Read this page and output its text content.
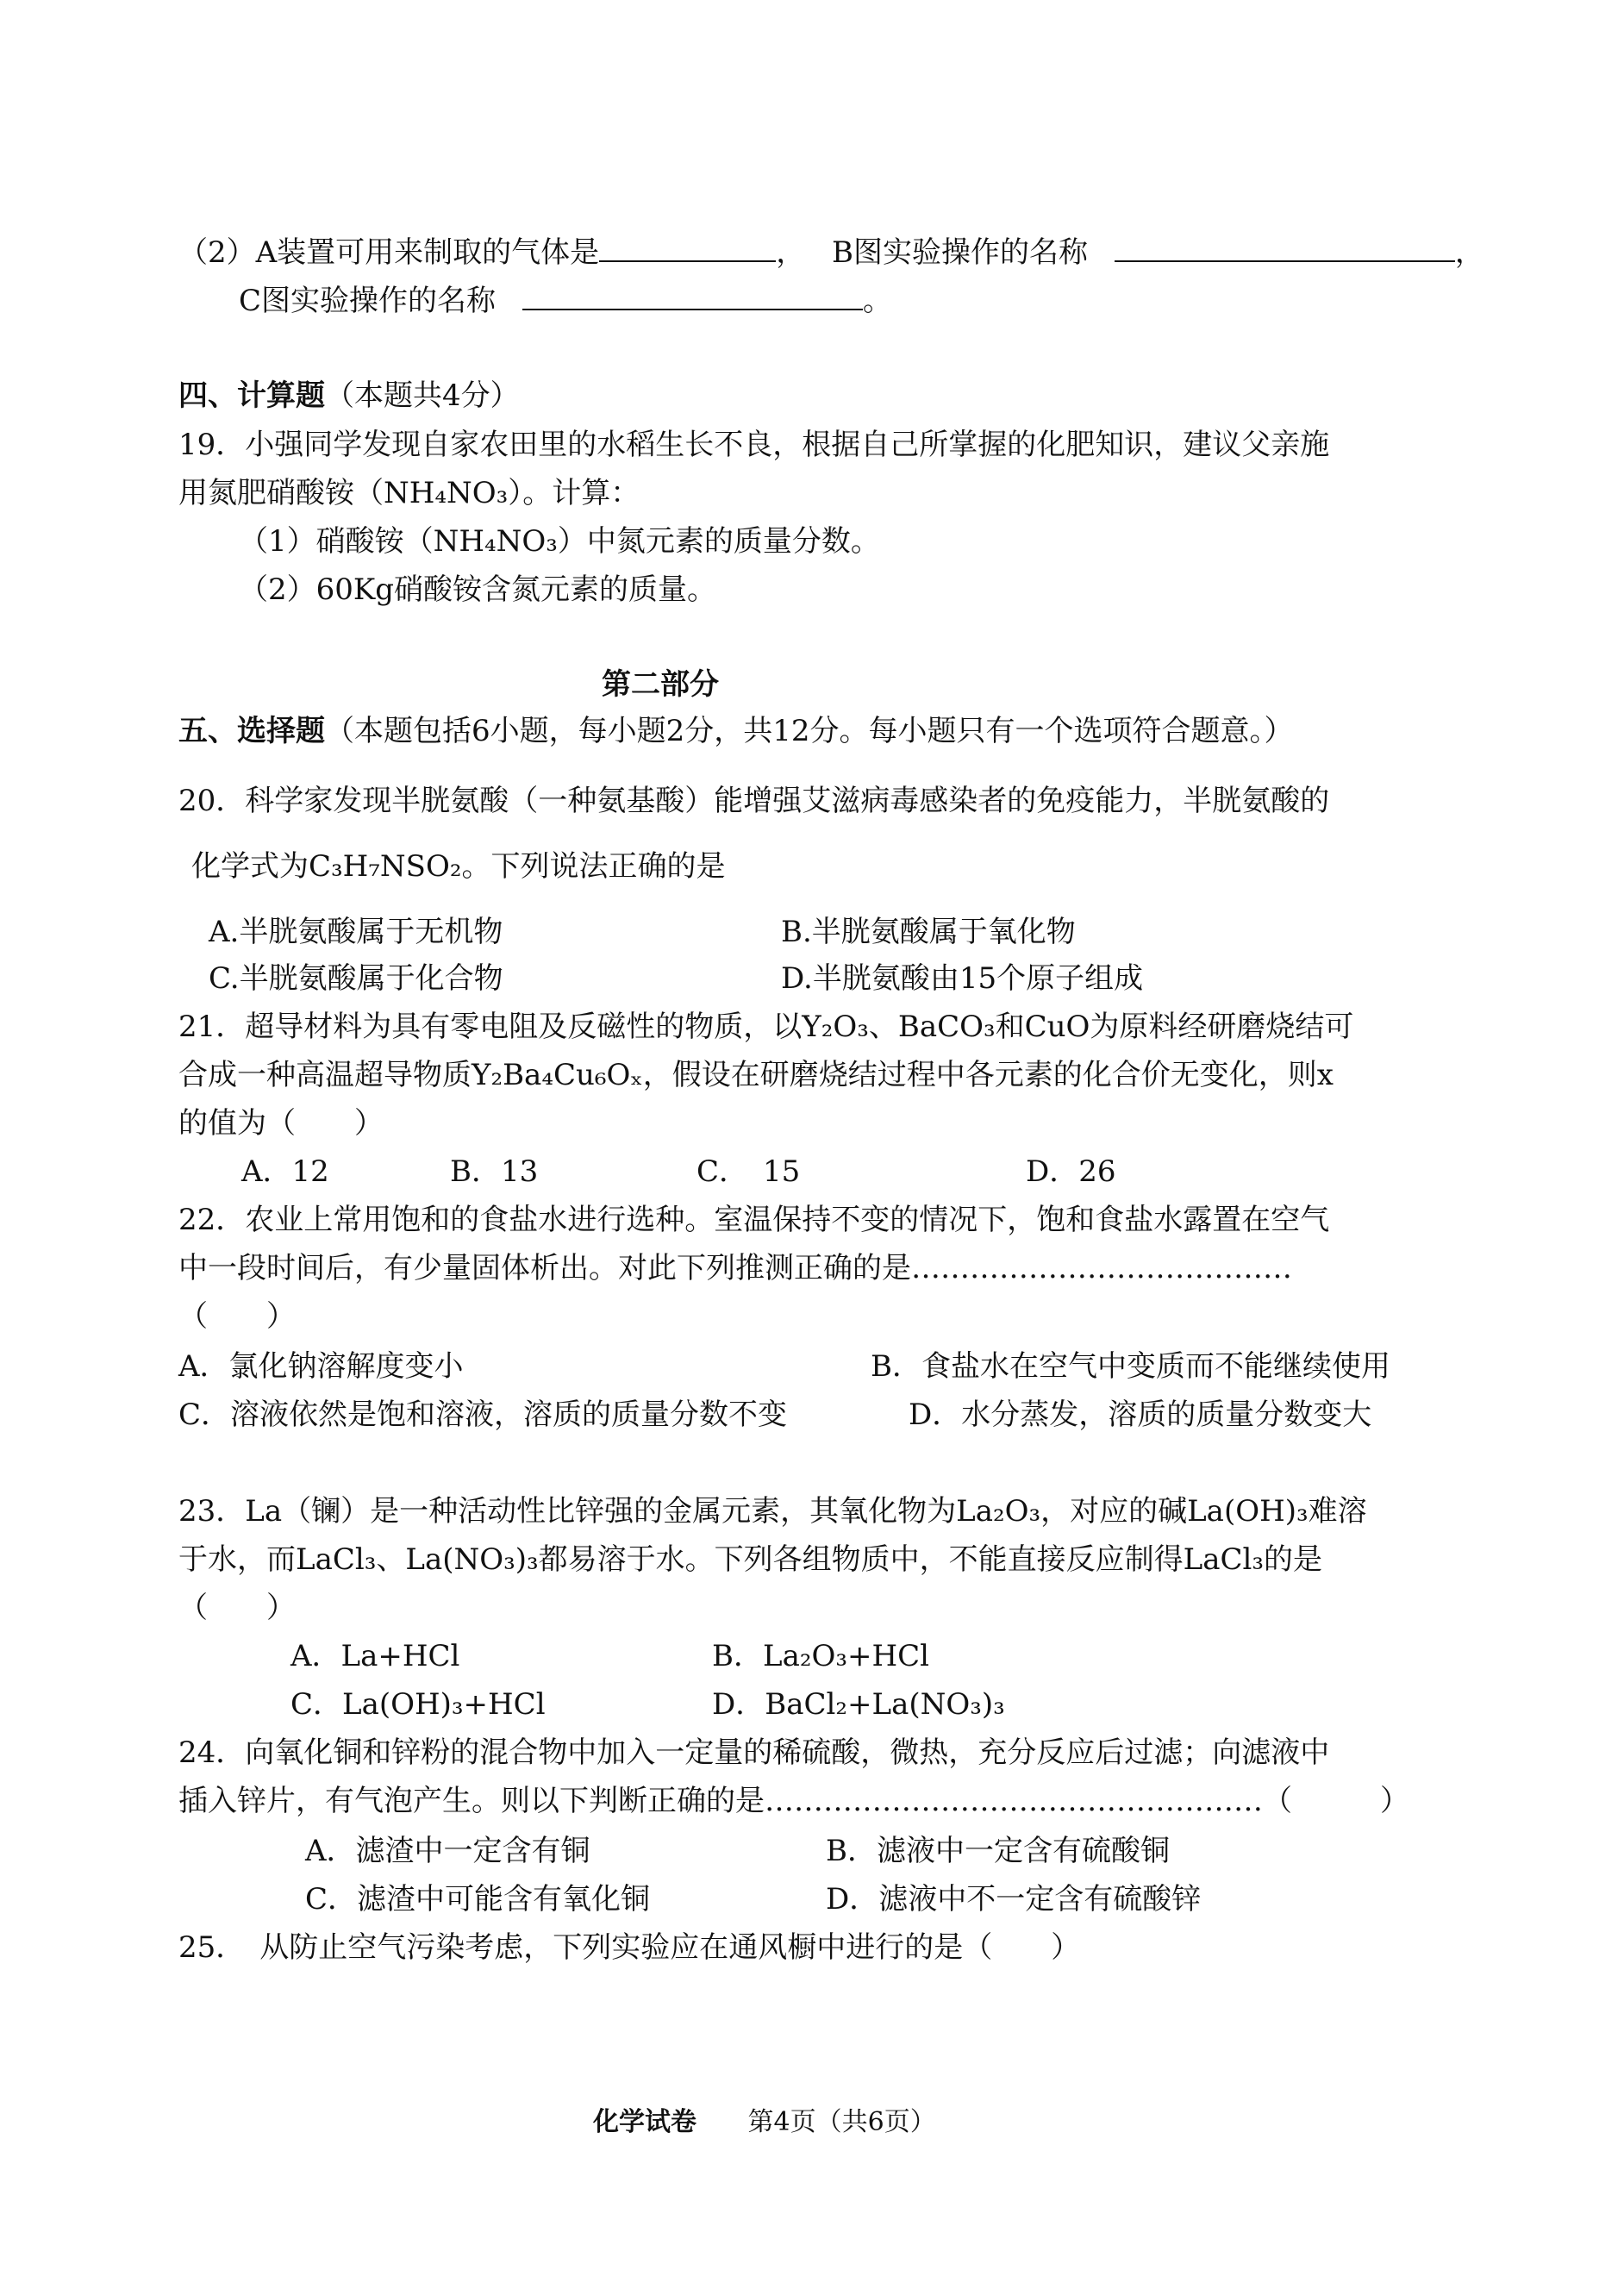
（2）A装置可用来制取的气体是	， B图实验操作的名称	，
C图实验操作的名称	。
四、计算题（本题共4分）
19．小强同学发现自家农田里的水稻生长不良，根据自己所掌握的化肥知识，建议父亲施
用氮肥硝酸铵（NH₄NO₃）。计算：
（1）硝酸铵（NH₄NO₃）中氮元素的质量分数。
（2）60Kg硝酸铵含氮元素的质量。
第二部分
五、选择题（本题包括6小题，每小题2分，共12分。每小题只有一个选项符合题意。）
20．科学家发现半胱氨酸（一种氨基酸）能增强艾滋病毒感染者的免疫能力，半胱氨酸的
化学式为C₃H₇NSO₂。下列说法正确的是
A.半胱氨酸属于无机物	B.半胱氨酸属于氧化物
C.半胱氨酸属于化合物	D.半胱氨酸由15个原子组成
21．超导材料为具有零电阻及反磁性的物质，以Y₂O₃、BaCO₃和CuO为原料经研磨烧结可
合成一种高温超导物质Y₂Ba₄Cu₆Oₓ，假设在研磨烧结过程中各元素的化合价无变化，则x
的值为（　　）
A．12	B．13	C．　15	D．26
22．农业上常用饱和的食盐水进行选种。室温保持不变的情况下，饱和食盐水露置在空气
中一段时间后，有少量固体析出。对此下列推测正确的是…………………………………
（　　）
A．氯化钠溶解度变小	B．食盐水在空气中变质而不能继续使用
C．溶液依然是饱和溶液，溶质的质量分数不变	D．水分蒸发，溶质的质量分数变大
23．La（镧）是一种活动性比锌强的金属元素，其氧化物为La₂O₃，对应的碱La(OH)₃难溶
于水，而LaCl₃、La(NO₃)₃都易溶于水。下列各组物质中，不能直接反应制得LaCl₃的是
（　　）
A．La+HCl	B．La₂O₃+HCl
C．La(OH)₃+HCl	D．BaCl₂+La(NO₃)₃
24．向氧化铜和锌粉的混合物中加入一定量的稀硫酸，微热，充分反应后过滤；向滤液中
插入锌片，有气泡产生。则以下判断正确的是……………………………………………（　　　）
A．滤渣中一定含有铜	B．滤液中一定含有硫酸铜
C．滤渣中可能含有氧化铜	D．滤液中不一定含有硫酸锌
25．　从防止空气污染考虑，下列实验应在通风橱中进行的是（　　）
化学试卷 第4页（共6页）
